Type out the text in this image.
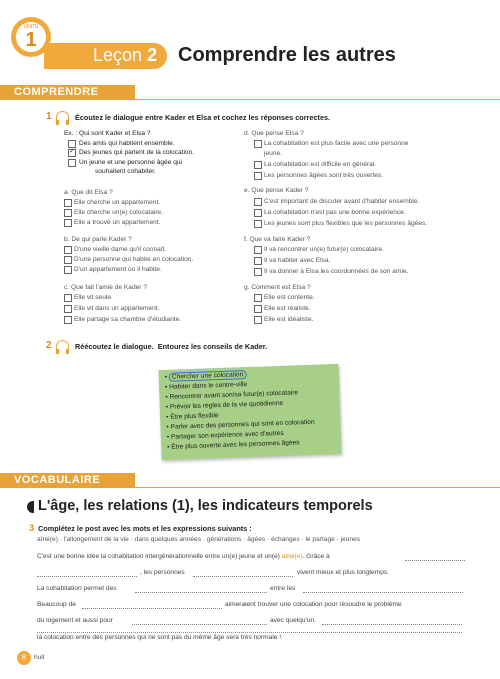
UNITÉ
1
Leçon 2 Comprendre les autres
COMPRENDRE
1	Écoutez le dialogue entre Kader et Elsa et cochez les réponses correctes.
Ex. : Qui sont Kader et Elsa ?
Des amis qui habitent ensemble.
✓
Des jeunes qui parlent de la colocation.
Un jeune et une personne âgée qui
souhaitent cohabiter.
a. Que dit Elsa ?
Elle cherche un appartement.
Elle cherche un(e) colocataire.
Elle a trouvé un appartement.
b. De qui parle Kader ?
D'une vieille dame qu'il connaît.
D'une personne qui habite en colocation.
D'un appartement où il habite.
c. Que fait l'amie de Kader ?
Elle vit seule.
Elle vit dans un appartement.
Elle partage sa chambre d'étudiante.
d. Que pense Elsa ?
La cohabitation est plus facile avec une personne
jeune.
La cohabitation est difficile en général.
Les personnes âgées sont très ouvertes.
e. Que pense Kader ?
C'est important de discuter avant d'habiter ensemble.
La cohabitation n'est pas une bonne expérience.
Les jeunes sont plus flexibles que les personnes âgées.
f. Que va faire Kader ?
Il va rencontrer un(e) futur(e) colocataire.
Il va habiter avec Elsa.
Il va donner à Elsa les coordonnées de son amie.
g. Comment est Elsa ?
Elle est contente.
Elle est réaliste.
Elle est idéaliste.
2	Réécoutez le dialogue. Entourez les conseils de Kader.
• Chercher une colocation
• Habiter dans le centre-ville
• Rencontrer avant son/sa futur(e) colocataire
• Prévoir les règles de la vie quotidienne
• Être plus flexible
• Parler avec des personnes qui sont en colocation
• Partager son expérience avec d'autres
• Être plus ouverte avec les personnes âgées
VOCABULAIRE
L'âge, les relations (1), les indicateurs temporels
3 Complétez le post avec les mots et les expressions suivants :
aîné(e) · l'allongement de la vie · dans quelques années · générations · âgées · échanges · le partage · jeunes
C'est une bonne idée la cohabitation intergénérationnelle entre un(e) jeune et un(e) aîné(e). Grâce à
, les personnes	vivent mieux et plus longtemps.
La cohabitation permet des	entre les
Beaucoup de	aimeraient trouver une colocation pour résoudre le problème
du logement et aussi pour	avec quelqu'un.
la colocation entre des personnes qui ne sont pas du même âge sera très normale !
8	huit
